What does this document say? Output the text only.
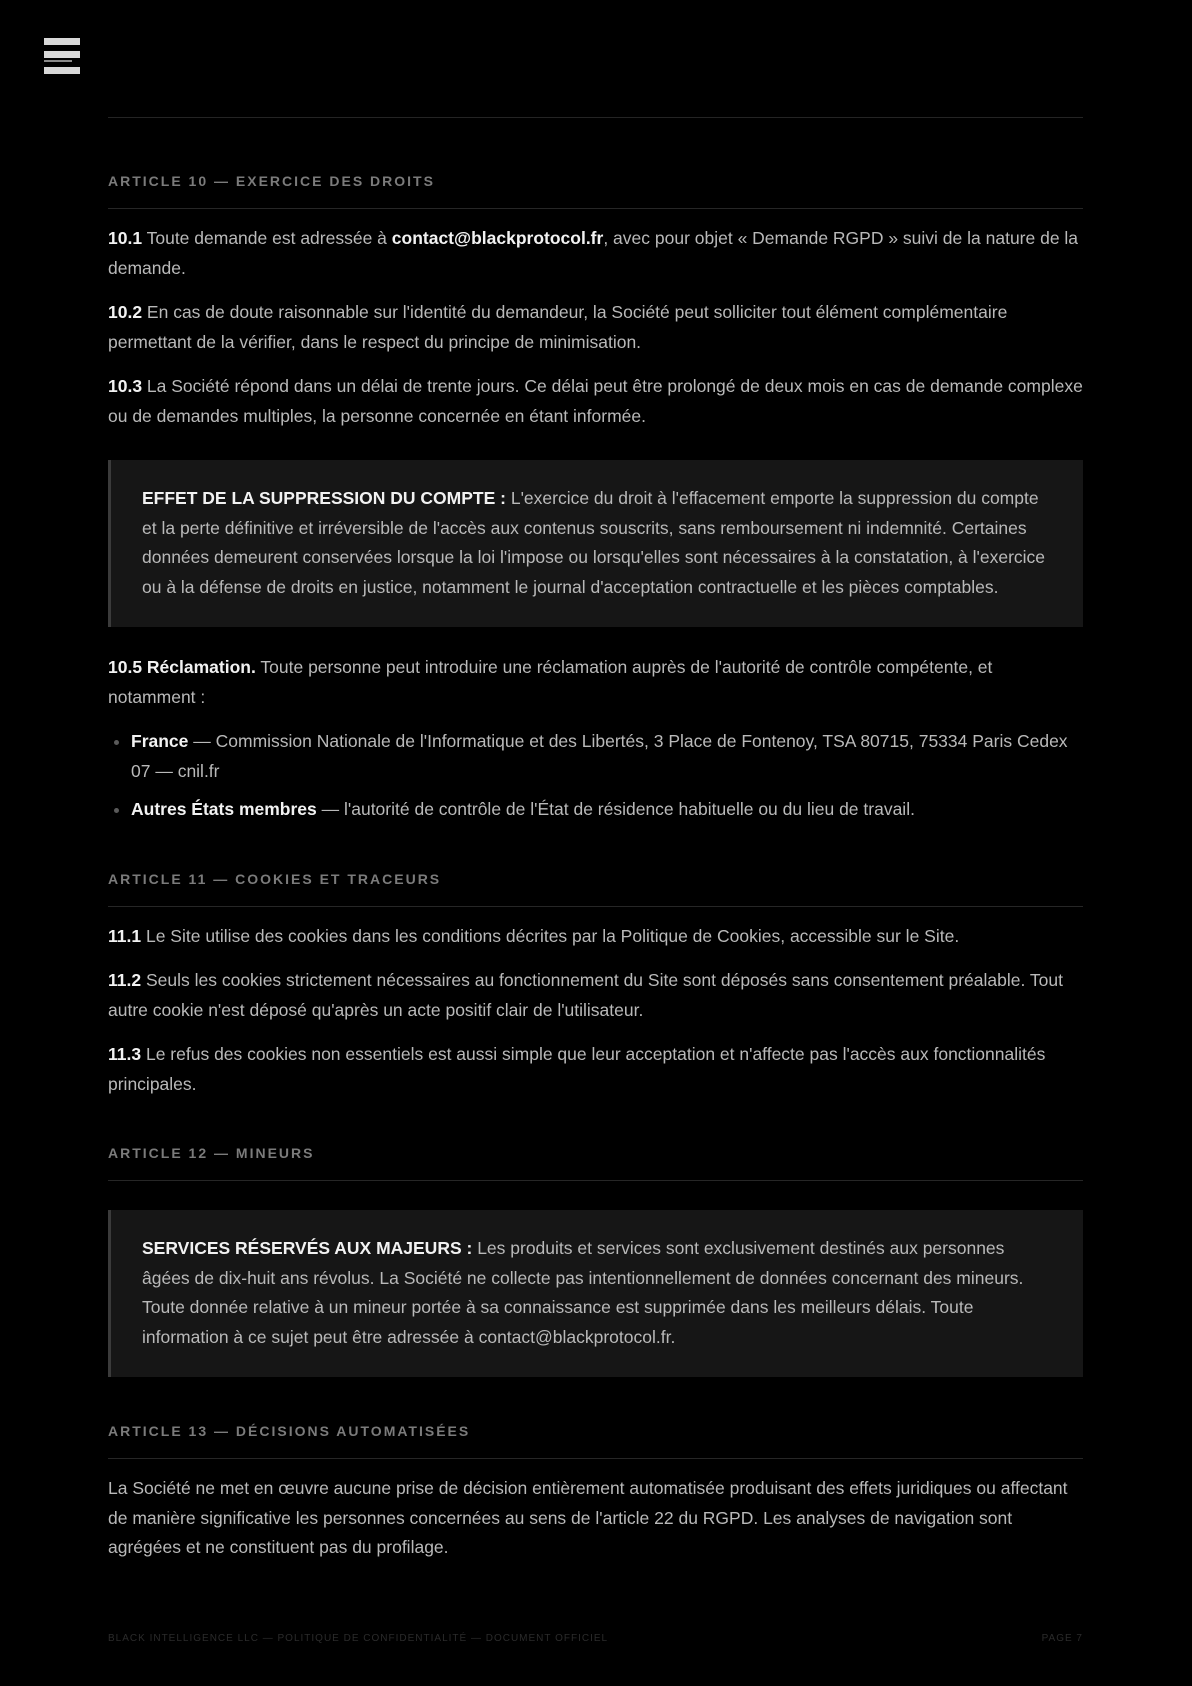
ARTICLE 10 — EXERCICE DES DROITS

10.1 Toute demande est adressée à contact@blackprotocol.fr, avec pour objet « Demande RGPD » suivi de la nature de la demande.

10.2 En cas de doute raisonnable sur l'identité du demandeur, la Société peut solliciter tout élément complémentaire permettant de la vérifier, dans le respect du principe de minimisation.

10.3 La Société répond dans un délai de trente jours. Ce délai peut être prolongé de deux mois en cas de demande complexe ou de demandes multiples, la personne concernée en étant informée.

EFFET DE LA SUPPRESSION DU COMPTE : L'exercice du droit à l'effacement emporte la suppression du compte et la perte définitive et irréversible de l'accès aux contenus souscrits, sans remboursement ni indemnité. Certaines données demeurent conservées lorsque la loi l'impose ou lorsqu'elles sont nécessaires à la constatation, à l'exercice ou à la défense de droits en justice, notamment le journal d'acceptation contractuelle et les pièces comptables.

10.5 Réclamation. Toute personne peut introduire une réclamation auprès de l'autorité de contrôle compétente, et notamment :

France — Commission Nationale de l'Informatique et des Libertés, 3 Place de Fontenoy, TSA 80715, 75334 Paris Cedex 07 — cnil.fr
Autres États membres — l'autorité de contrôle de l'État de résidence habituelle ou du lieu de travail.
ARTICLE 11 — COOKIES ET TRACEURS

11.1 Le Site utilise des cookies dans les conditions décrites par la Politique de Cookies, accessible sur le Site.

11.2 Seuls les cookies strictement nécessaires au fonctionnement du Site sont déposés sans consentement préalable. Tout autre cookie n'est déposé qu'après un acte positif clair de l'utilisateur.

11.3 Le refus des cookies non essentiels est aussi simple que leur acceptation et n'affecte pas l'accès aux fonctionnalités principales.

ARTICLE 12 — MINEURS
SERVICES RÉSERVÉS AUX MAJEURS : Les produits et services sont exclusivement destinés aux personnes âgées de dix-huit ans révolus. La Société ne collecte pas intentionnellement de données concernant des mineurs. Toute donnée relative à un mineur portée à sa connaissance est supprimée dans les meilleurs délais. Toute information à ce sujet peut être adressée à contact@blackprotocol.fr.
ARTICLE 13 — DÉCISIONS AUTOMATISÉES

La Société ne met en œuvre aucune prise de décision entièrement automatisée produisant des effets juridiques ou affectant de manière significative les personnes concernées au sens de l'article 22 du RGPD. Les analyses de navigation sont agrégées et ne constituent pas du profilage.

BLACK INTELLIGENCE LLC — POLITIQUE DE CONFIDENTIALITÉ — DOCUMENT OFFICIEL	PAGE 7
